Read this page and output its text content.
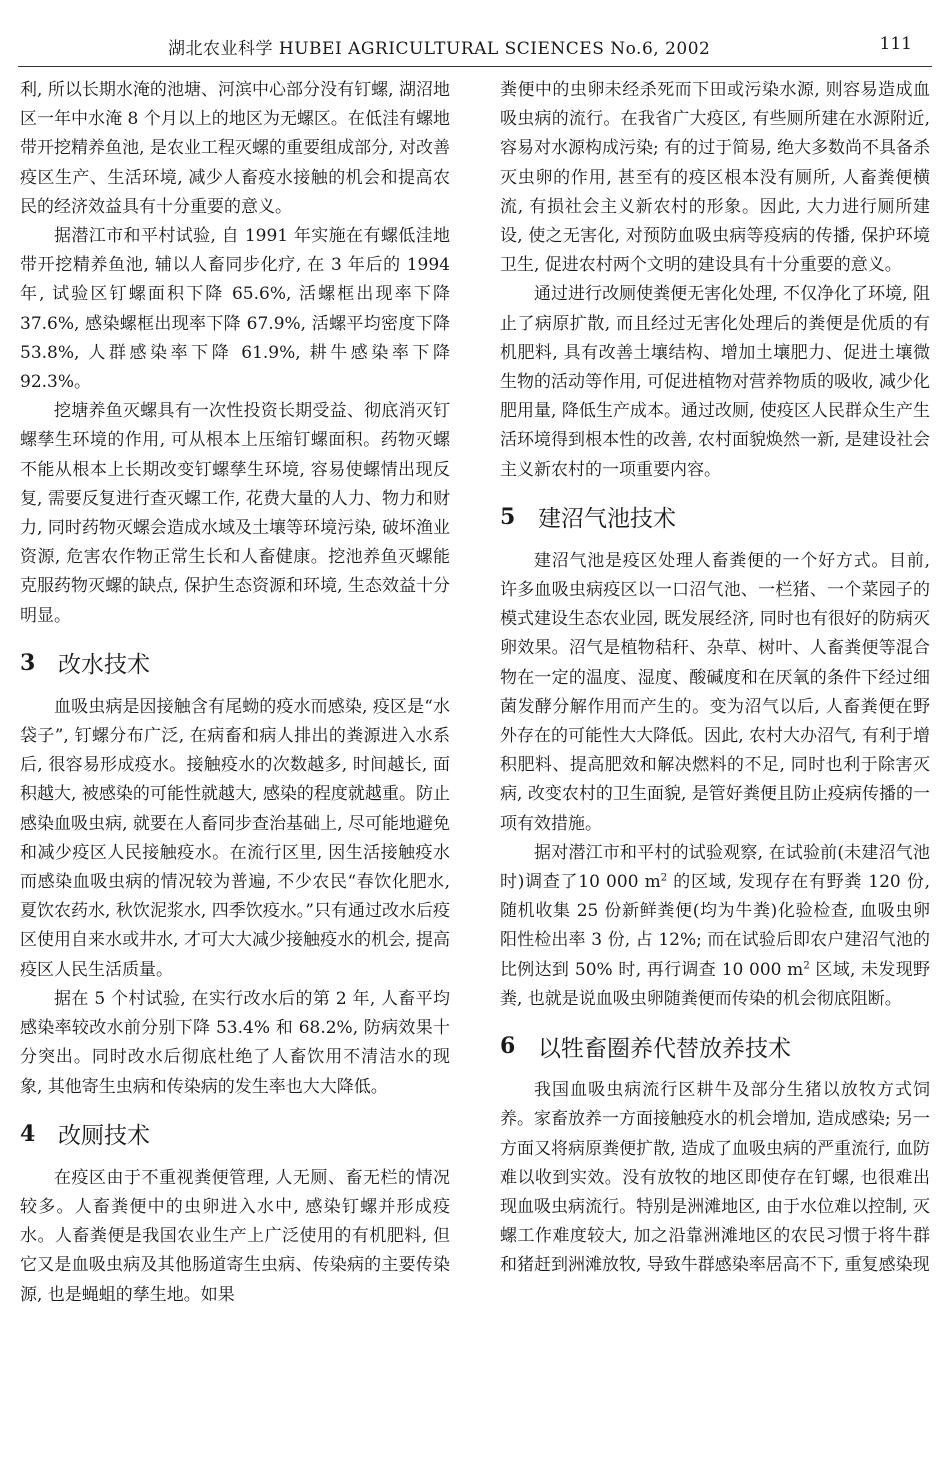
湖北农业科学 HUBEI AGRICULTURAL SCIENCES No.6, 2002	111

利, 所以长期水淹的池塘、河滨中心部分没有钉螺, 湖沼地区一年中水淹 8 个月以上的地区为无螺区。在低洼有螺地带开挖精养鱼池, 是农业工程灭螺的重要组成部分, 对改善疫区生产、生活环境, 减少人畜疫水接触的机会和提高农民的经济效益具有十分重要的意义。

据潜江市和平村试验, 自 1991 年实施在有螺低洼地带开挖精养鱼池, 辅以人畜同步化疗, 在 3 年后的 1994 年, 试验区钉螺面积下降 65.6%, 活螺框出现率下降 37.6%, 感染螺框出现率下降 67.9%, 活螺平均密度下降 53.8%, 人群感染率下降 61.9%, 耕牛感染率下降 92.3%。

挖塘养鱼灭螺具有一次性投资长期受益、彻底消灭钉螺孳生环境的作用, 可从根本上压缩钉螺面积。药物灭螺不能从根本上长期改变钉螺孳生环境, 容易使螺情出现反复, 需要反复进行查灭螺工作, 花费大量的人力、物力和财力, 同时药物灭螺会造成水域及土壤等环境污染, 破坏渔业资源, 危害农作物正常生长和人畜健康。挖池养鱼灭螺能克服药物灭螺的缺点, 保护生态资源和环境, 生态效益十分明显。

3 改水技术

血吸虫病是因接触含有尾蚴的疫水而感染, 疫区是“水袋子”, 钉螺分布广泛, 在病畜和病人排出的粪源进入水系后, 很容易形成疫水。接触疫水的次数越多, 时间越长, 面积越大, 被感染的可能性就越大, 感染的程度就越重。防止感染血吸虫病, 就要在人畜同步查治基础上, 尽可能地避免和减少疫区人民接触疫水。在流行区里, 因生活接触疫水而感染血吸虫病的情况较为普遍, 不少农民“春饮化肥水, 夏饮农药水, 秋饮泥浆水, 四季饮疫水。”只有通过改水后疫区使用自来水或井水, 才可大大减少接触疫水的机会, 提高疫区人民生活质量。

据在 5 个村试验, 在实行改水后的第 2 年, 人畜平均感染率较改水前分别下降 53.4% 和 68.2%, 防病效果十分突出。同时改水后彻底杜绝了人畜饮用不清洁水的现象, 其他寄生虫病和传染病的发生率也大大降低。

4 改厕技术

在疫区由于不重视粪便管理, 人无厕、畜无栏的情况较多。人畜粪便中的虫卵进入水中, 感染钉螺并形成疫水。人畜粪便是我国农业生产上广泛使用的有机肥料, 但它又是血吸虫病及其他肠道寄生虫病、传染病的主要传染源, 也是蝇蛆的孳生地。如果

粪便中的虫卵未经杀死而下田或污染水源, 则容易造成血吸虫病的流行。在我省广大疫区, 有些厕所建在水源附近, 容易对水源构成污染; 有的过于简易, 绝大多数尚不具备杀灭虫卵的作用, 甚至有的疫区根本没有厕所, 人畜粪便横流, 有损社会主义新农村的形象。因此, 大力进行厕所建设, 使之无害化, 对预防血吸虫病等疫病的传播, 保护环境卫生, 促进农村两个文明的建设具有十分重要的意义。

通过进行改厕使粪便无害化处理, 不仅净化了环境, 阻止了病原扩散, 而且经过无害化处理后的粪便是优质的有机肥料, 具有改善土壤结构、增加土壤肥力、促进土壤微生物的活动等作用, 可促进植物对营养物质的吸收, 减少化肥用量, 降低生产成本。通过改厕, 使疫区人民群众生产生活环境得到根本性的改善, 农村面貌焕然一新, 是建设社会主义新农村的一项重要内容。

5 建沼气池技术

建沼气池是疫区处理人畜粪便的一个好方式。目前, 许多血吸虫病疫区以一口沼气池、一栏猪、一个菜园子的模式建设生态农业园, 既发展经济, 同时也有很好的防病灭卵效果。沼气是植物秸秆、杂草、树叶、人畜粪便等混合物在一定的温度、湿度、酸碱度和在厌氧的条件下经过细菌发酵分解作用而产生的。变为沼气以后, 人畜粪便在野外存在的可能性大大降低。因此, 农村大办沼气, 有利于增积肥料、提高肥效和解决燃料的不足, 同时也利于除害灭病, 改变农村的卫生面貌, 是管好粪便且防止疫病传播的一项有效措施。

据对潜江市和平村的试验观察, 在试验前(未建沼气池时)调查了10 000 $m^2$ 的区域, 发现存在有野粪 120 份, 随机收集 25 份新鲜粪便(均为牛粪)化验检查, 血吸虫卵阳性检出率 3 份, 占 12%; 而在试验后即农户建沼气池的比例达到 50% 时, 再行调查 10 000 $m^2$ 区域, 未发现野粪, 也就是说血吸虫卵随粪便而传染的机会彻底阻断。

6 以牲畜圈养代替放养技术

我国血吸虫病流行区耕牛及部分生猪以放牧方式饲养。家畜放养一方面接触疫水的机会增加, 造成感染; 另一方面又将病原粪便扩散, 造成了血吸虫病的严重流行, 血防难以收到实效。没有放牧的地区即使存在钉螺, 也很难出现血吸虫病流行。特别是洲滩地区, 由于水位难以控制, 灭螺工作难度较大, 加之沿靠洲滩地区的农民习惯于将牛群和猪赶到洲滩放牧, 导致牛群感染率居高不下, 重复感染现
